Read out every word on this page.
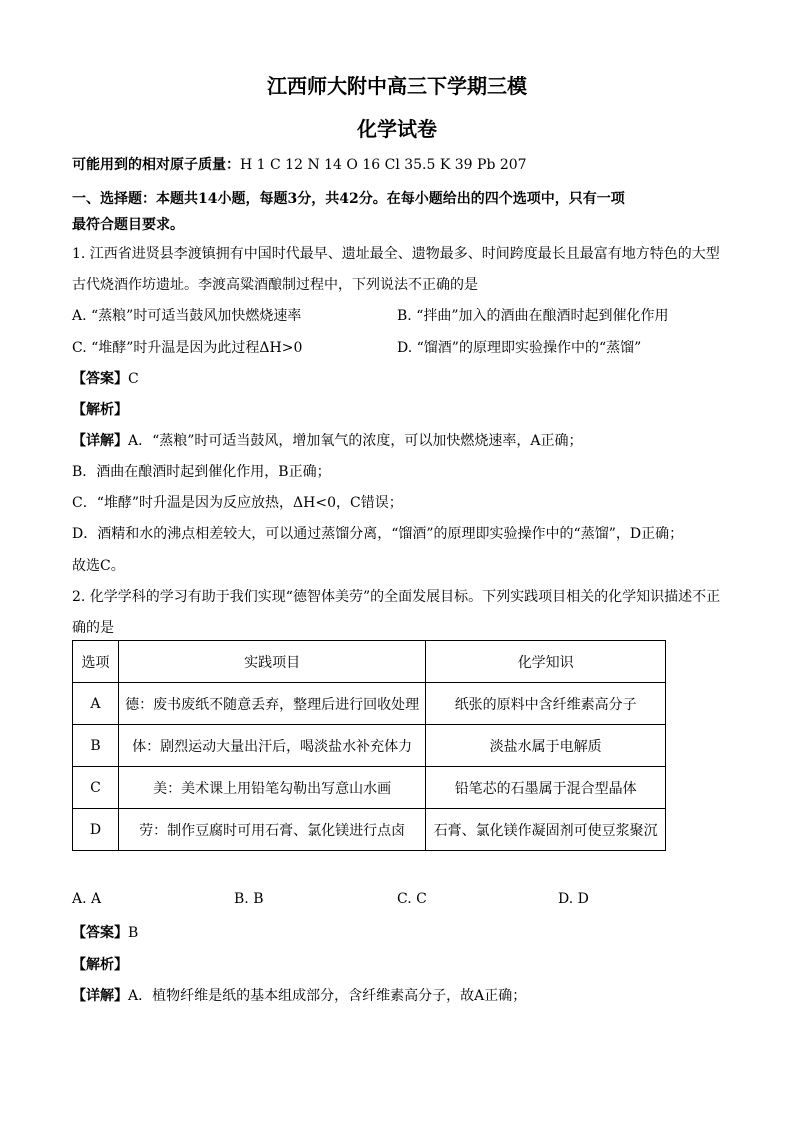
江西师大附中高三下学期三模
化学试卷
可能用到的相对原子质量：H 1 C 12 N 14 O 16 Cl 35.5 K 39 Pb 207
一、选择题：本题共14小题，每题3分，共42分。在每小题给出的四个选项中，只有一项
最符合题目要求。
1. 江西省进贤县李渡镇拥有中国时代最早、遗址最全、遗物最多、时间跨度最长且最富有地方特色的大型
古代烧酒作坊遗址。李渡高粱酒酿制过程中，下列说法不正确的是
A. “蒸粮”时可适当鼓风加快燃烧速率	B. “拌曲”加入的酒曲在酿酒时起到催化作用
C. “堆酵”时升温是因为此过程ΔH>0	D. “馏酒”的原理即实验操作中的“蒸馏”
【答案】C
【解析】
【详解】A．“蒸粮”时可适当鼓风，增加氧气的浓度，可以加快燃烧速率，A正确；
B．酒曲在酿酒时起到催化作用，B正确；
C．“堆酵”时升温是因为反应放热，ΔH<0，C错误；
D．酒精和水的沸点相差较大，可以通过蒸馏分离，“馏酒”的原理即实验操作中的“蒸馏”，D正确；
故选C。
2. 化学学科的学习有助于我们实现“德智体美劳”的全面发展目标。下列实践项目相关的化学知识描述不正
确的是
选项	实践项目	化学知识
A	德：废书废纸不随意丢弃，整理后进行回收处理	纸张的原料中含纤维素高分子
B	体：剧烈运动大量出汗后，喝淡盐水补充体力	淡盐水属于电解质
C	美：美术课上用铅笔勾勒出写意山水画	铅笔芯的石墨属于混合型晶体
D	劳：制作豆腐时可用石膏、氯化镁进行点卤	石膏、氯化镁作凝固剂可使豆浆聚沉
A. A	B. B	C. C	D. D
【答案】B
【解析】
【详解】A．植物纤维是纸的基本组成部分，含纤维素高分子，故A正确；
